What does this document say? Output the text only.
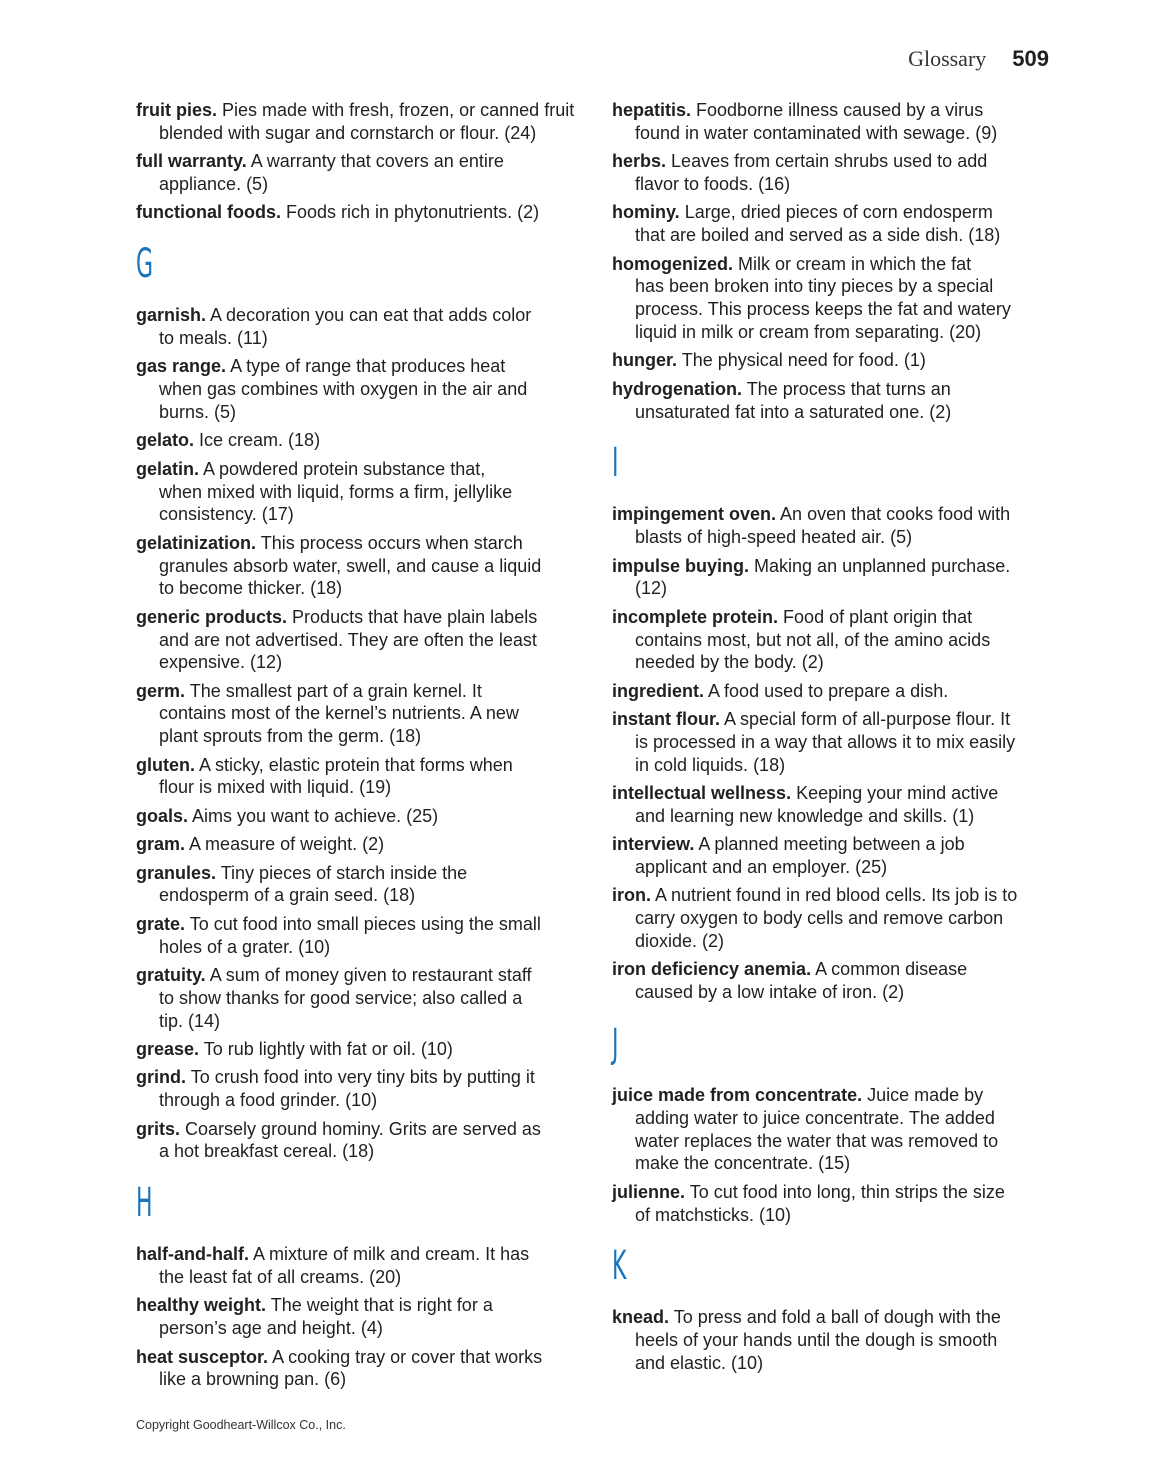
Glossary 509
fruit pies. Pies made with fresh, frozen, or canned fruit
blended with sugar and cornstarch or flour. (24)
full warranty. A warranty that covers an entire
appliance. (5)
functional foods. Foods rich in phytonutrients. (2)
G
garnish. A decoration you can eat that adds color
to meals. (11)
gas range. A type of range that produces heat
when gas combines with oxygen in the air and
burns. (5)
gelato. Ice cream. (18)
gelatin. A powdered protein substance that,
when mixed with liquid, forms a firm, jellylike
consistency. (17)
gelatinization. This process occurs when starch
granules absorb water, swell, and cause a liquid
to become thicker. (18)
generic products. Products that have plain labels
and are not advertised. They are often the least
expensive. (12)
germ. The smallest part of a grain kernel. It
contains most of the kernel’s nutrients. A new
plant sprouts from the germ. (18)
gluten. A sticky, elastic protein that forms when
flour is mixed with liquid. (19)
goals. Aims you want to achieve. (25)
gram. A measure of weight. (2)
granules. Tiny pieces of starch inside the
endosperm of a grain seed. (18)
grate. To cut food into small pieces using the small
holes of a grater. (10)
gratuity. A sum of money given to restaurant staff
to show thanks for good service; also called a
tip. (14)
grease. To rub lightly with fat or oil. (10)
grind. To crush food into very tiny bits by putting it
through a food grinder. (10)
grits. Coarsely ground hominy. Grits are served as
a hot breakfast cereal. (18)
H
half-and-half. A mixture of milk and cream. It has
the least fat of all creams. (20)
healthy weight. The weight that is right for a
person’s age and height. (4)
heat susceptor. A cooking tray or cover that works
like a browning pan. (6)
hepatitis. Foodborne illness caused by a virus
found in water contaminated with sewage. (9)
herbs. Leaves from certain shrubs used to add
flavor to foods. (16)
hominy. Large, dried pieces of corn endosperm
that are boiled and served as a side dish. (18)
homogenized. Milk or cream in which the fat
has been broken into tiny pieces by a special
process. This process keeps the fat and watery
liquid in milk or cream from separating. (20)
hunger. The physical need for food. (1)
hydrogenation. The process that turns an
unsaturated fat into a saturated one. (2)
I
impingement oven. An oven that cooks food with
blasts of high-speed heated air. (5)
impulse buying. Making an unplanned purchase.
(12)
incomplete protein. Food of plant origin that
contains most, but not all, of the amino acids
needed by the body. (2)
ingredient. A food used to prepare a dish.
instant flour. A special form of all-purpose flour. It
is processed in a way that allows it to mix easily
in cold liquids. (18)
intellectual wellness. Keeping your mind active
and learning new knowledge and skills. (1)
interview. A planned meeting between a job
applicant and an employer. (25)
iron. A nutrient found in red blood cells. Its job is to
carry oxygen to body cells and remove carbon
dioxide. (2)
iron deficiency anemia. A common disease
caused by a low intake of iron. (2)
J
juice made from concentrate. Juice made by
adding water to juice concentrate. The added
water replaces the water that was removed to
make the concentrate. (15)
julienne. To cut food into long, thin strips the size
of matchsticks. (10)
K
knead. To press and fold a ball of dough with the
heels of your hands until the dough is smooth
and elastic. (10)
Copyright Goodheart-Willcox Co., Inc.
